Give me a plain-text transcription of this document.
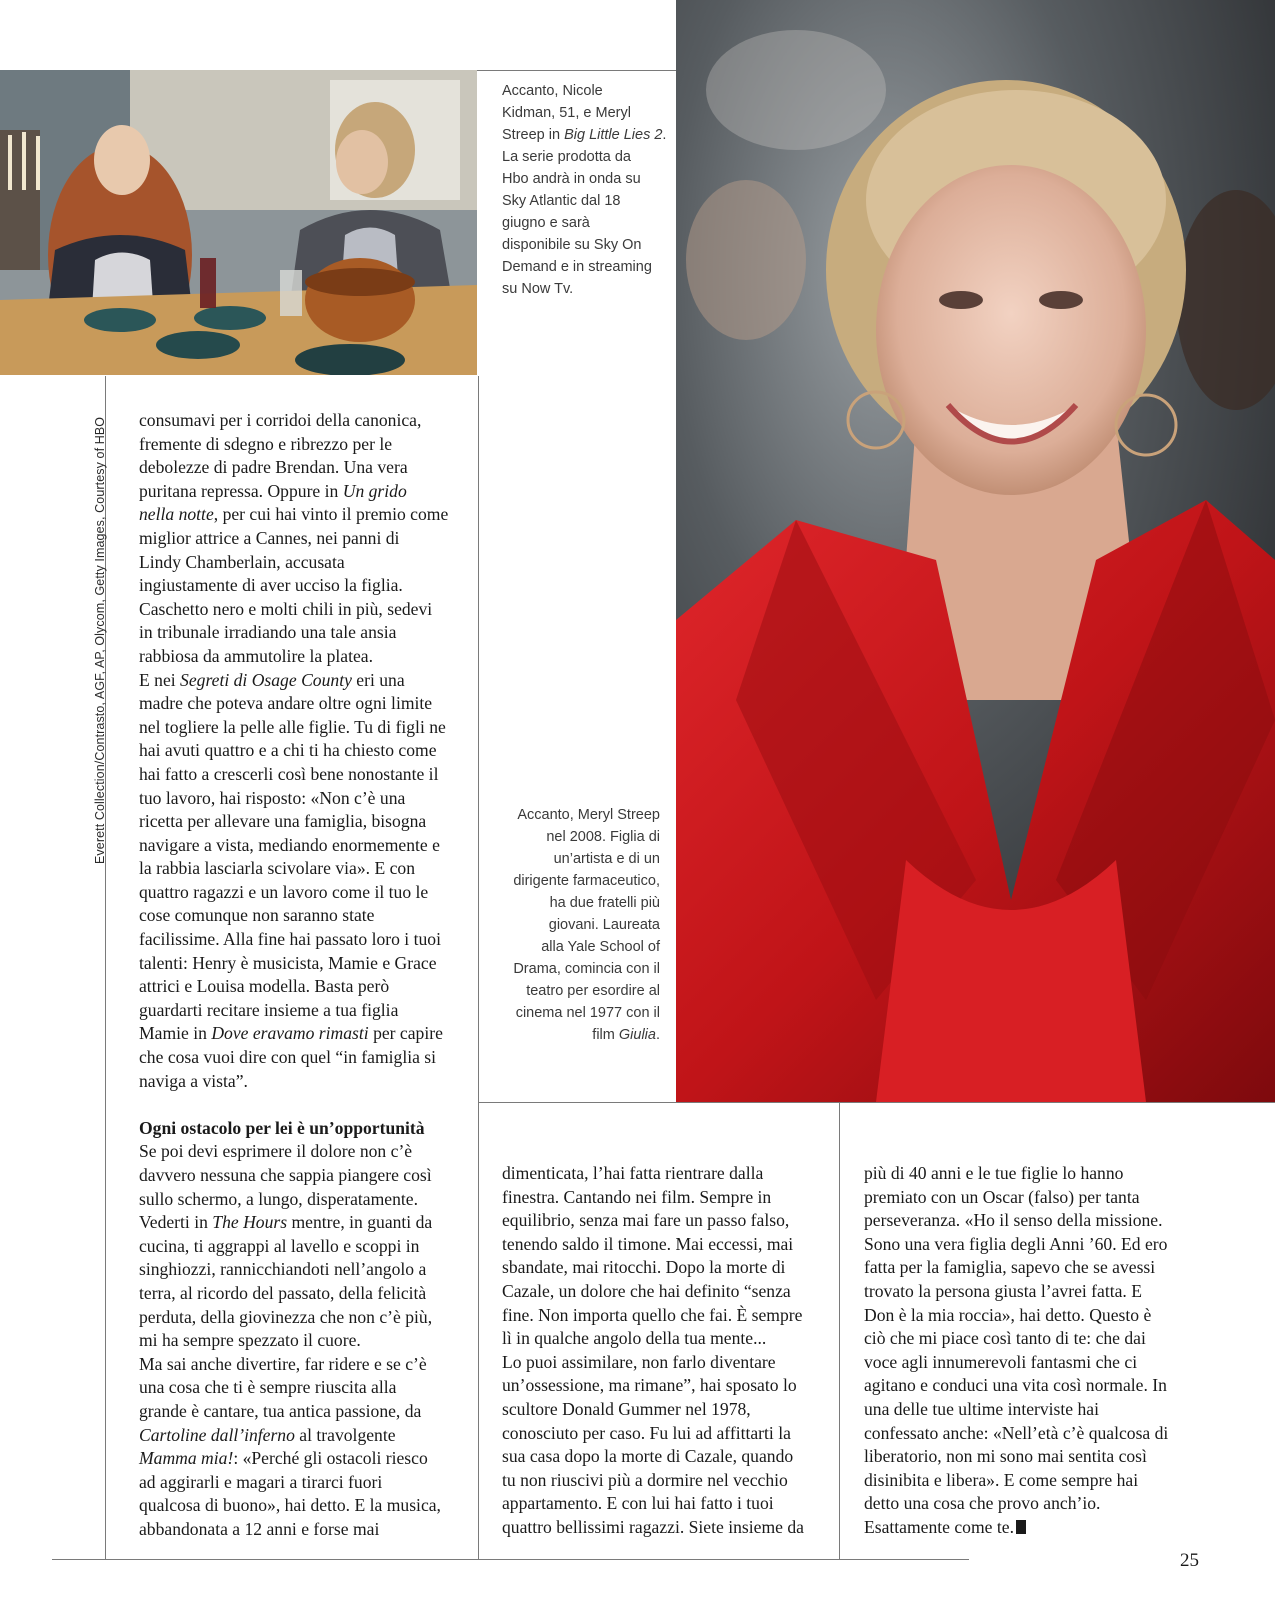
Accanto, Nicole
Kidman, 51, e Meryl
Streep in Big Little Lies 2.
La serie prodotta da
Hbo andrà in onda su
Sky Atlantic dal 18
giugno e sarà
disponibile su Sky On
Demand e in streaming
su Now Tv.
Accanto, Meryl Streep
nel 2008. Figlia di
un’artista e di un
dirigente farmaceutico,
ha due fratelli più
giovani. Laureata
alla Yale School of
Drama, comincia con il
teatro per esordire al
cinema nel 1977 con il
film Giulia.
Everett Collection/Contrasto, AGF, AP, Olycom, Getty Images, Courtesy of HBO consumavi per i corridoi della canonica,
fremente di sdegno e ribrezzo per le
debolezze di padre Brendan. Una vera
puritana repressa. Oppure in Un grido
nella notte, per cui hai vinto il premio come
miglior attrice a Cannes, nei panni di
Lindy Chamberlain, accusata
ingiustamente di aver ucciso la figlia.
Caschetto nero e molti chili in più, sedevi
in tribunale irradiando una tale ansia
rabbiosa da ammutolire la platea.
E nei Segreti di Osage County eri una
madre che poteva andare oltre ogni limite
nel togliere la pelle alle figlie. Tu di figli ne
hai avuti quattro e a chi ti ha chiesto come
hai fatto a crescerli così bene nonostante il
tuo lavoro, hai risposto: «Non c’è una
ricetta per allevare una famiglia, bisogna
navigare a vista, mediando enormemente e
la rabbia lasciarla scivolare via». E con
quattro ragazzi e un lavoro come il tuo le
cose comunque non saranno state
facilissime. Alla fine hai passato loro i tuoi
talenti: Henry è musicista, Mamie e Grace
attrici e Louisa modella. Basta però
guardarti recitare insieme a tua figlia
Mamie in Dove eravamo rimasti per capire
che cosa vuoi dire con quel “in famiglia si
naviga a vista”.

Ogni ostacolo per lei è un’opportunità
Se poi devi esprimere il dolore non c’è
davvero nessuna che sappia piangere così
sullo schermo, a lungo, disperatamente.
Vederti in The Hours mentre, in guanti da
cucina, ti aggrappi al lavello e scoppi in
singhiozzi, rannicchiandoti nell’angolo a
terra, al ricordo del passato, della felicità
perduta, della giovinezza che non c’è più,
mi ha sempre spezzato il cuore.
Ma sai anche divertire, far ridere e se c’è
una cosa che ti è sempre riuscita alla
grande è cantare, tua antica passione, da
Cartoline dall’inferno al travolgente
Mamma mia!: «Perché gli ostacoli riesco
ad aggirarli e magari a tirarci fuori
qualcosa di buono», hai detto. E la musica,
abbandonata a 12 anni e forse mai

dimenticata, l’hai fatta rientrare dalla
finestra. Cantando nei film. Sempre in
equilibrio, senza mai fare un passo falso,
tenendo saldo il timone. Mai eccessi, mai
sbandate, mai ritocchi. Dopo la morte di
Cazale, un dolore che hai definito “senza
fine. Non importa quello che fai. È sempre
lì in qualche angolo della tua mente...
Lo puoi assimilare, non farlo diventare
un’ossessione, ma rimane”, hai sposato lo
scultore Donald Gummer nel 1978,
conosciuto per caso. Fu lui ad affittarti la
sua casa dopo la morte di Cazale, quando
tu non riuscivi più a dormire nel vecchio
appartamento. E con lui hai fatto i tuoi
quattro bellissimi ragazzi. Siete insieme da

più di 40 anni e le tue figlie lo hanno
premiato con un Oscar (falso) per tanta
perseveranza. «Ho il senso della missione.
Sono una vera figlia degli Anni ’60. Ed ero
fatta per la famiglia, sapevo che se avessi
trovato la persona giusta l’avrei fatta. E
Don è la mia roccia», hai detto. Questo è
ciò che mi piace così tanto di te: che dai
voce agli innumerevoli fantasmi che ci
agitano e conduci una vita così normale. In
una delle tue ultime interviste hai
confessato anche: «Nell’età c’è qualcosa di
liberatorio, non mi sono mai sentita così
disinibita e libera». E come sempre hai
detto una cosa che provo anch’io.
Esattamente come te.

25
